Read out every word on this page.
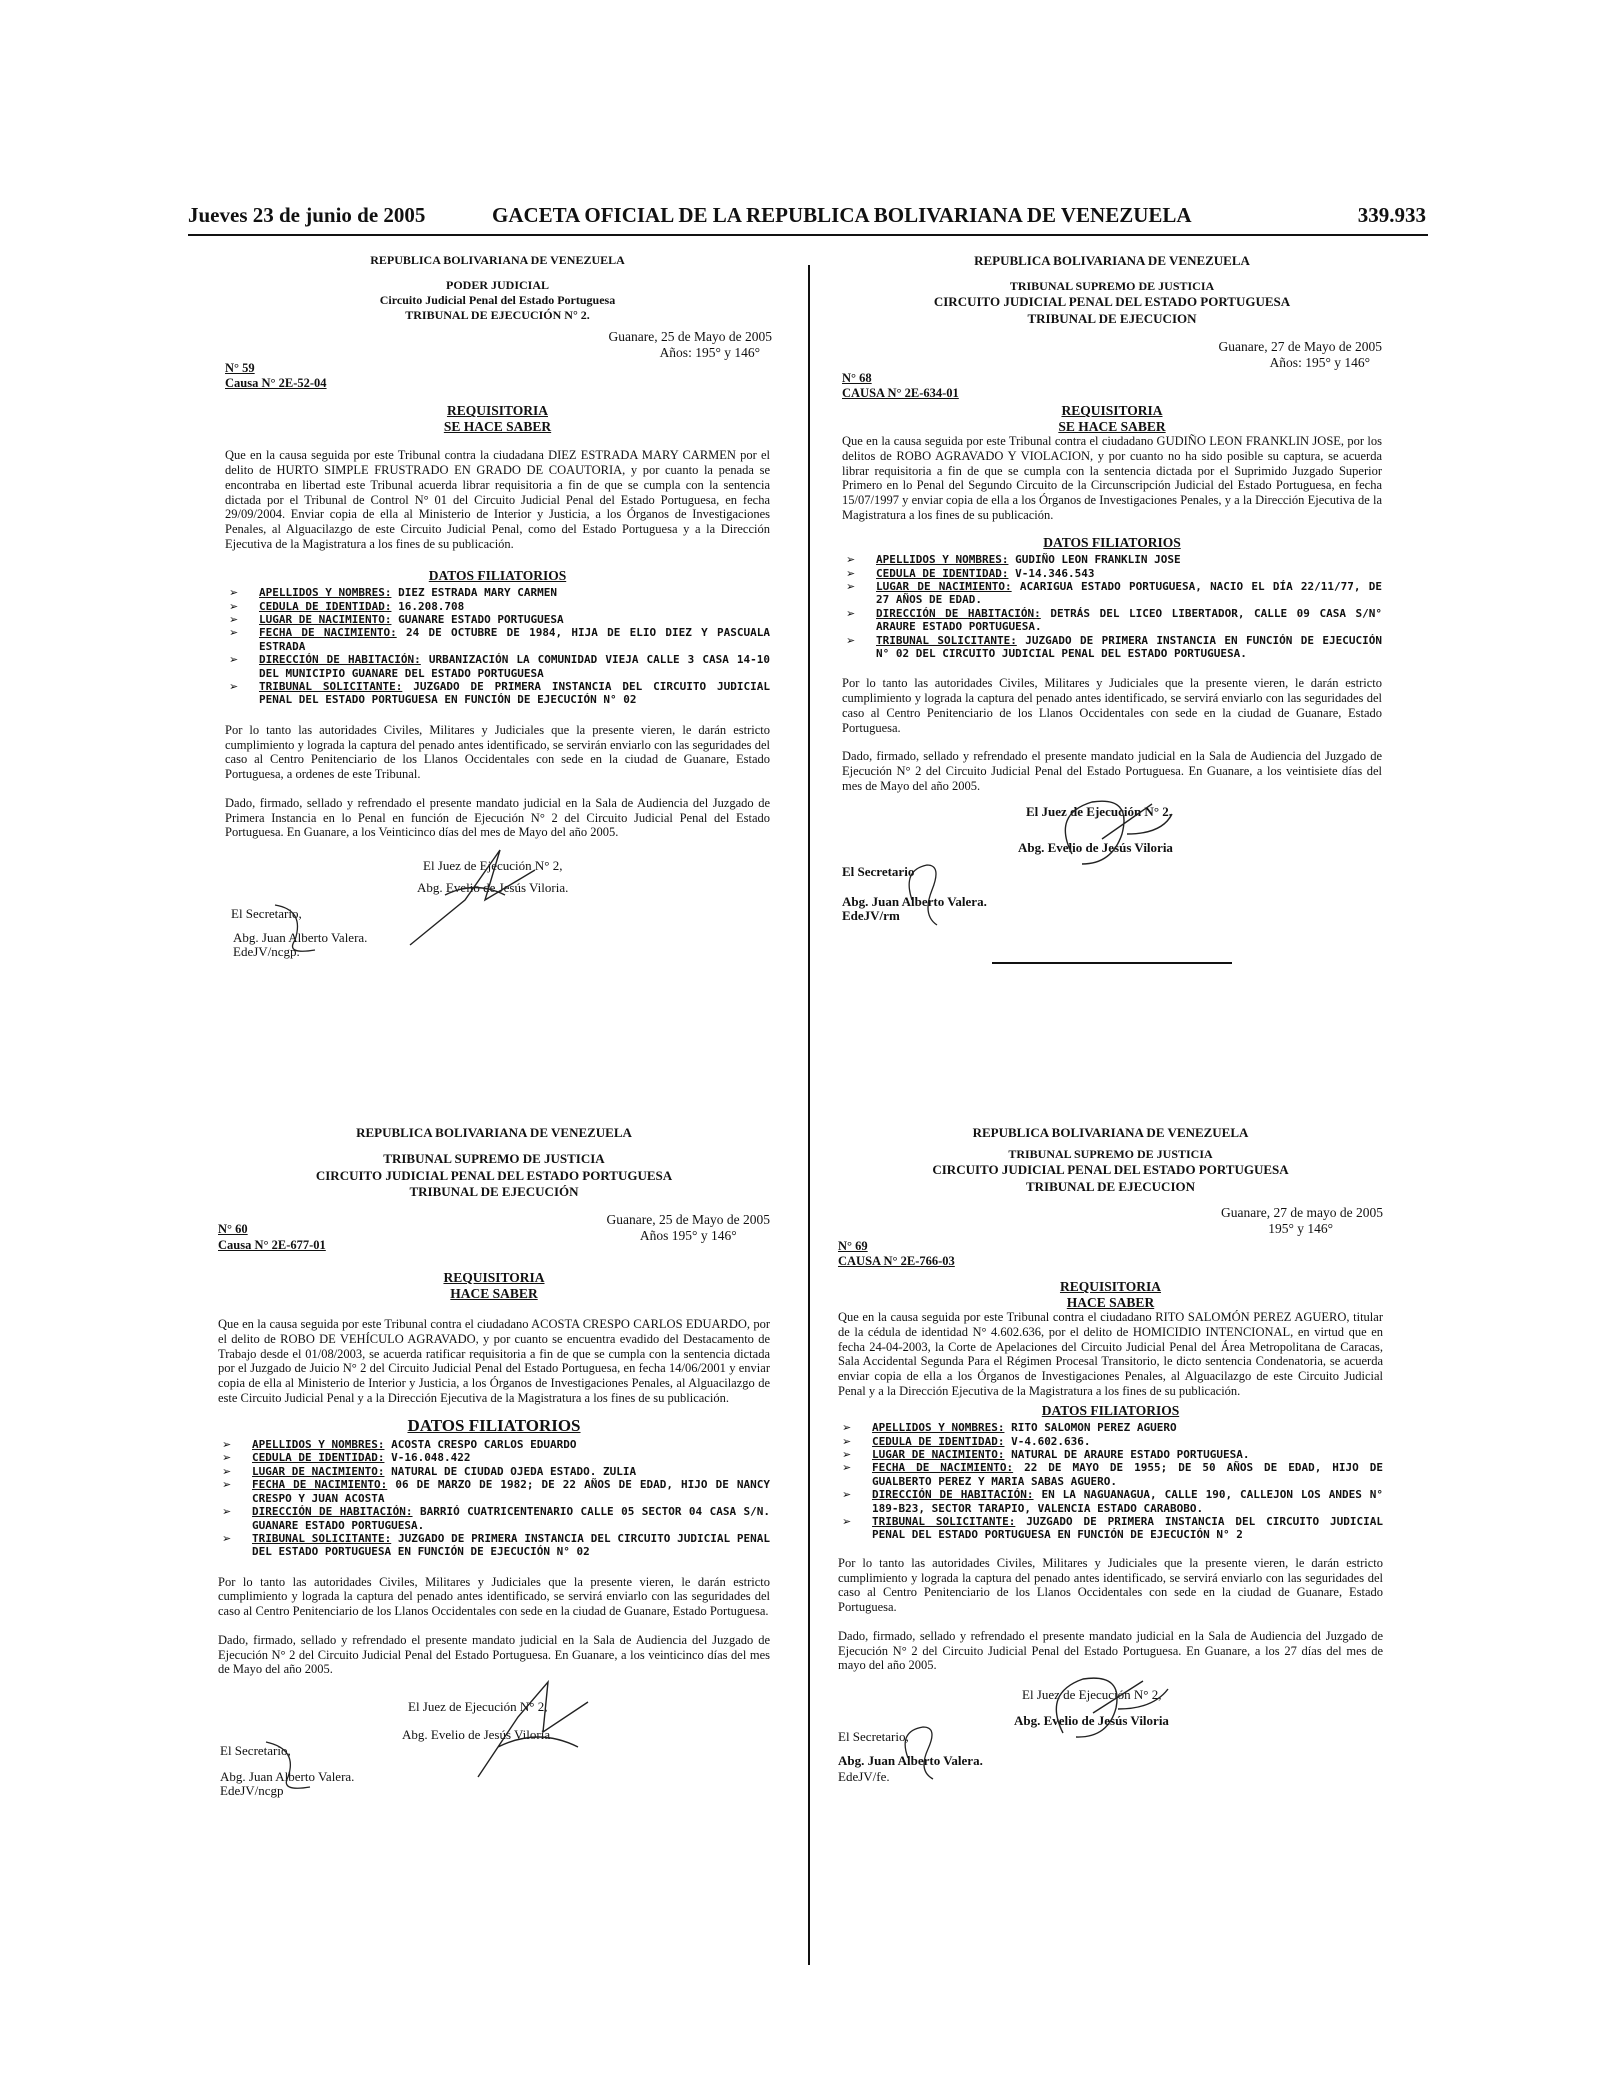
Jueves 23 de junio de 2005	GACETA OFICIAL DE LA REPUBLICA BOLIVARIANA DE VENEZUELA	339.933
REPUBLICA BOLIVARIANA DE VENEZUELA
PODER JUDICIAL
Circuito Judicial Penal del Estado Portuguesa
TRIBUNAL DE EJECUCIÓN N° 2.
Guanare, 25 de Mayo de 2005
Años: 195° y 146°
N° 59
Causa N° 2E-52-04
REQUISITORIA
SE HACE SABER

Que en la causa seguida por este Tribunal contra la ciudadana DIEZ ESTRADA MARY CARMEN por el delito de HURTO SIMPLE FRUSTRADO EN GRADO DE COAUTORIA, y por cuanto la penada se encontraba en libertad este Tribunal acuerda librar requisitoria a fin de que se cumpla con la sentencia dictada por el Tribunal de Control N° 01 del Circuito Judicial Penal del Estado Portuguesa, en fecha 29/09/2004. Enviar copia de ella al Ministerio de Interior y Justicia, a los Órganos de Investigaciones Penales, al Alguacilazgo de este Circuito Judicial Penal, como del Estado Portuguesa y a la Dirección Ejecutiva de la Magistratura a los fines de su publicación.

DATOS FILIATORIOS
➢ APELLIDOS Y NOMBRES: DIEZ ESTRADA MARY CARMEN
➢ CEDULA DE IDENTIDAD: 16.208.708
➢ LUGAR DE NACIMIENTO: GUANARE ESTADO PORTUGUESA
➢ FECHA DE NACIMIENTO: 24 DE OCTUBRE DE 1984, HIJA DE ELIO DIEZ Y PASCUALA ESTRADA
➢ DIRECCIÓN DE HABITACIÓN: URBANIZACIÓN LA COMUNIDAD VIEJA CALLE 3 CASA 14-10 DEL MUNICIPIO GUANARE DEL ESTADO PORTUGUESA
➢ TRIBUNAL SOLICITANTE: JUZGADO DE PRIMERA INSTANCIA DEL CIRCUITO JUDICIAL PENAL DEL ESTADO PORTUGUESA EN FUNCIÓN DE EJECUCIÓN N° 02

Por lo tanto las autoridades Civiles, Militares y Judiciales que la presente vieren, le darán estricto cumplimiento y lograda la captura del penado antes identificado, se servirán enviarlo con las seguridades del caso al Centro Penitenciario de los Llanos Occidentales con sede en la ciudad de Guanare, Estado Portuguesa, a ordenes de este Tribunal.

Dado, firmado, sellado y refrendado el presente mandato judicial en la Sala de Audiencia del Juzgado de Primera Instancia en lo Penal en función de Ejecución N° 2 del Circuito Judicial Penal del Estado Portuguesa. En Guanare, a los Veinticinco días del mes de Mayo del año 2005.

El Juez de Ejecución N° 2,
Abg. Evelio de Jesús Viloria.
El Secretario,
Abg. Juan Alberto Valera.
EdeJV/ncgp.
REPUBLICA BOLIVARIANA DE VENEZUELA
TRIBUNAL SUPREMO DE JUSTICIA
CIRCUITO JUDICIAL PENAL DEL ESTADO PORTUGUESA
TRIBUNAL DE EJECUCIÓN
N° 60
Causa N° 2E-677-01
Guanare, 25 de Mayo de 2005
Años 195° y 146°
REQUISITORIA
HACE SABER

Que en la causa seguida por este Tribunal contra el ciudadano ACOSTA CRESPO CARLOS EDUARDO, por el delito de ROBO DE VEHÍCULO AGRAVADO, y por cuanto se encuentra evadido del Destacamento de Trabajo desde el 01/08/2003, se acuerda ratificar requisitoria a fin de que se cumpla con la sentencia dictada por el Juzgado de Juicio N° 2 del Circuito Judicial Penal del Estado Portuguesa, en fecha 14/06/2001 y enviar copia de ella al Ministerio de Interior y Justicia, a los Órganos de Investigaciones Penales, al Alguacilazgo de este Circuito Judicial Penal y a la Dirección Ejecutiva de la Magistratura a los fines de su publicación.

DATOS FILIATORIOS
➢ APELLIDOS Y NOMBRES: ACOSTA CRESPO CARLOS EDUARDO
➢ CEDULA DE IDENTIDAD: V-16.048.422
➢ LUGAR DE NACIMIENTO: NATURAL DE CIUDAD OJEDA ESTADO. ZULIA
➢ FECHA DE NACIMIENTO: 06 DE MARZO DE 1982; DE 22 AÑOS DE EDAD, HIJO DE NANCY CRESPO Y JUAN ACOSTA
➢ DIRECCIÓN DE HABITACIÓN: BARRIÓ CUATRICENTENARIO CALLE 05 SECTOR 04 CASA S/N. GUANARE ESTADO PORTUGUESA.
➢ TRIBUNAL SOLICITANTE: JUZGADO DE PRIMERA INSTANCIA DEL CIRCUITO JUDICIAL PENAL DEL ESTADO PORTUGUESA EN FUNCIÓN DE EJECUCIÓN N° 02

Por lo tanto las autoridades Civiles, Militares y Judiciales que la presente vieren, le darán estricto cumplimiento y lograda la captura del penado antes identificado, se servirá enviarlo con las seguridades del caso al Centro Penitenciario de los Llanos Occidentales con sede en la ciudad de Guanare, Estado Portuguesa.

Dado, firmado, sellado y refrendado el presente mandato judicial en la Sala de Audiencia del Juzgado de Ejecución N° 2 del Circuito Judicial Penal del Estado Portuguesa. En Guanare, a los veinticinco días del mes de Mayo del año 2005.

El Juez de Ejecución N° 2,
Abg. Evelio de Jesús Viloria
El Secretario,
Abg. Juan Alberto Valera.
EdeJV/ncgp
REPUBLICA BOLIVARIANA DE VENEZUELA
TRIBUNAL SUPREMO DE JUSTICIA
CIRCUITO JUDICIAL PENAL DEL ESTADO PORTUGUESA
TRIBUNAL DE EJECUCION
Guanare, 27 de Mayo de 2005
Años: 195° y 146°
N° 68
CAUSA N° 2E-634-01
REQUISITORIA
SE HACE SABER

Que en la causa seguida por este Tribunal contra el ciudadano GUDIÑO LEON FRANKLIN JOSE, por los delitos de ROBO AGRAVADO Y VIOLACION, y por cuanto no ha sido posible su captura, se acuerda librar requisitoria a fin de que se cumpla con la sentencia dictada por el Suprimido Juzgado Superior Primero en lo Penal del Segundo Circuito de la Circunscripción Judicial del Estado Portuguesa, en fecha 15/07/1997 y enviar copia de ella a los Órganos de Investigaciones Penales, y a la Dirección Ejecutiva de la Magistratura a los fines de su publicación.

DATOS FILIATORIOS
➢ APELLIDOS Y NOMBRES: GUDIÑO LEON FRANKLIN JOSE
➢ CEDULA DE IDENTIDAD: V-14.346.543
➢ LUGAR DE NACIMIENTO: ACARIGUA ESTADO PORTUGUESA, NACIO EL DÍA 22/11/77, DE 27 AÑOS DE EDAD.
➢ DIRECCIÓN DE HABITACIÓN: DETRÁS DEL LICEO LIBERTADOR, CALLE 09 CASA S/N° ARAURE ESTADO PORTUGUESA.
➢ TRIBUNAL SOLICITANTE: JUZGADO DE PRIMERA INSTANCIA EN FUNCIÓN DE EJECUCIÓN N° 02 DEL CIRCUITO JUDICIAL PENAL DEL ESTADO PORTUGUESA.

Por lo tanto las autoridades Civiles, Militares y Judiciales que la presente vieren, le darán estricto cumplimiento y lograda la captura del penado antes identificado, se servirá enviarlo con las seguridades del caso al Centro Penitenciario de los Llanos Occidentales con sede en la ciudad de Guanare, Estado Portuguesa.

Dado, firmado, sellado y refrendado el presente mandato judicial en la Sala de Audiencia del Juzgado de Ejecución N° 2 del Circuito Judicial Penal del Estado Portuguesa. En Guanare, a los veintisiete días del mes de Mayo del año 2005.

El Juez de Ejecución N° 2,
Abg. Evelio de Jesús Viloria
El Secretario
Abg. Juan Alberto Valera.
EdeJV/rm
REPUBLICA BOLIVARIANA DE VENEZUELA
TRIBUNAL SUPREMO DE JUSTICIA
CIRCUITO JUDICIAL PENAL DEL ESTADO PORTUGUESA
TRIBUNAL DE EJECUCION
Guanare, 27 de mayo de 2005
195° y 146°
N° 69
CAUSA N° 2E-766-03
REQUISITORIA
HACE SABER

Que en la causa seguida por este Tribunal contra el ciudadano RITO SALOMÓN PEREZ AGUERO, titular de la cédula de identidad N° 4.602.636, por el delito de HOMICIDIO INTENCIONAL, en virtud que en fecha 24-04-2003, la Corte de Apelaciones del Circuito Judicial Penal del Área Metropolitana de Caracas, Sala Accidental Segunda Para el Régimen Procesal Transitorio, le dicto sentencia Condenatoria, se acuerda enviar copia de ella a los Órganos de Investigaciones Penales, al Alguacilazgo de este Circuito Judicial Penal y a la Dirección Ejecutiva de la Magistratura a los fines de su publicación.

DATOS FILIATORIOS
➢ APELLIDOS Y NOMBRES: RITO SALOMON PEREZ AGUERO
➢ CEDULA DE IDENTIDAD: V-4.602.636.
➢ LUGAR DE NACIMIENTO: NATURAL DE ARAURE ESTADO PORTUGUESA.
➢ FECHA DE NACIMIENTO: 22 DE MAYO DE 1955; DE 50 AÑOS DE EDAD, HIJO DE GUALBERTO PEREZ Y MARIA SABAS AGUERO.
➢ DIRECCIÓN DE HABITACIÓN: EN LA NAGUANAGUA, CALLE 190, CALLEJON LOS ANDES N° 189-B23, SECTOR TARAPIO, VALENCIA ESTADO CARABOBO.
➢ TRIBUNAL SOLICITANTE: JUZGADO DE PRIMERA INSTANCIA DEL CIRCUITO JUDICIAL PENAL DEL ESTADO PORTUGUESA EN FUNCIÓN DE EJECUCIÓN N° 2

Por lo tanto las autoridades Civiles, Militares y Judiciales que la presente vieren, le darán estricto cumplimiento y lograda la captura del penado antes identificado, se servirá enviarlo con las seguridades del caso al Centro Penitenciario de los Llanos Occidentales con sede en la ciudad de Guanare, Estado Portuguesa.

Dado, firmado, sellado y refrendado el presente mandato judicial en la Sala de Audiencia del Juzgado de Ejecución N° 2 del Circuito Judicial Penal del Estado Portuguesa. En Guanare, a los 27 días del mes de mayo del año 2005.

El Juez de Ejecución N° 2,
Abg. Evelio de Jesús Viloria
El Secretario,
Abg. Juan Alberto Valera.
EdeJV/fe.
